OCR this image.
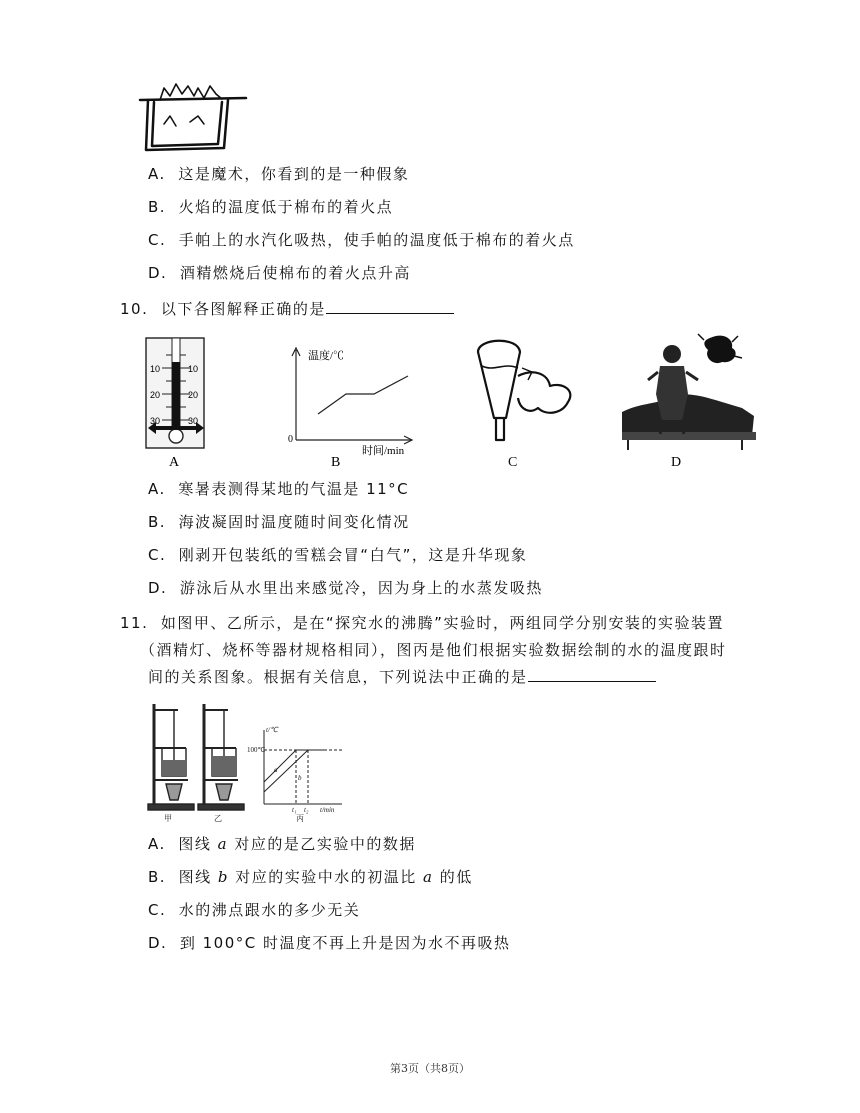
A. 这是魔术，你看到的是一种假象
B. 火焰的温度低于棉布的着火点
C. 手帕上的水汽化吸热，使手帕的温度低于棉布的着火点
D. 酒精燃烧后使棉布的着火点升高
10. 以下各图解释正确的是
10	10
20	20
30	30
A
温度/℃
0
时间/min
B	C	D
A. 寒暑表测得某地的气温是 11°C
B. 海波凝固时温度随时间变化情况
C. 刚剥开包装纸的雪糕会冒“白气”，这是升华现象
D. 游泳后从水里出来感觉冷，因为身上的水蒸发吸热
11. 如图甲、乙所示，是在“探究水的沸腾”实验时，两组同学分别安装的实验装置
（酒精灯、烧杯等器材规格相同），图丙是他们根据实验数据绘制的水的温度跟时
间的关系图象。根据有关信息，下列说法中正确的是
甲	乙
t/℃
100℃
a
b
t₁ t₂ t/min
丙
A. 图线 a 对应的是乙实验中的数据
B. 图线 b 对应的实验中水的初温比 a 的低
C. 水的沸点跟水的多少无关
D. 到 100°C 时温度不再上升是因为水不再吸热
第3页（共8页）
